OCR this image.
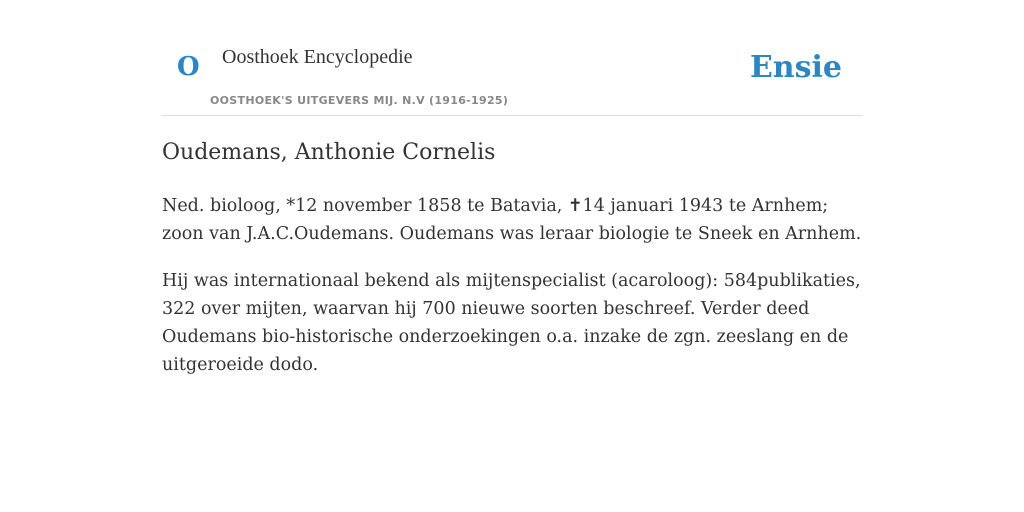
O Oosthoek Encyclopedie
OOSTHOEK'S UITGEVERS MIJ. N.V (1916-1925)
Ensie
Oudemans, Anthonie Cornelis

Ned. bioloog, *12 november 1858 te Batavia, ✝14 januari 1943 te Arnhem; zoon van J.A.C.Oudemans. Oudemans was leraar biologie te Sneek en Arnhem.

Hij was internationaal bekend als mijtenspecialist (acaroloog): 584publikaties, 322 over mijten, waarvan hij 700 nieuwe soorten beschreef. Verder deed Oudemans bio-historische onderzoekingen o.a. inzake de zgn. zeeslang en de uitgeroeide dodo.
